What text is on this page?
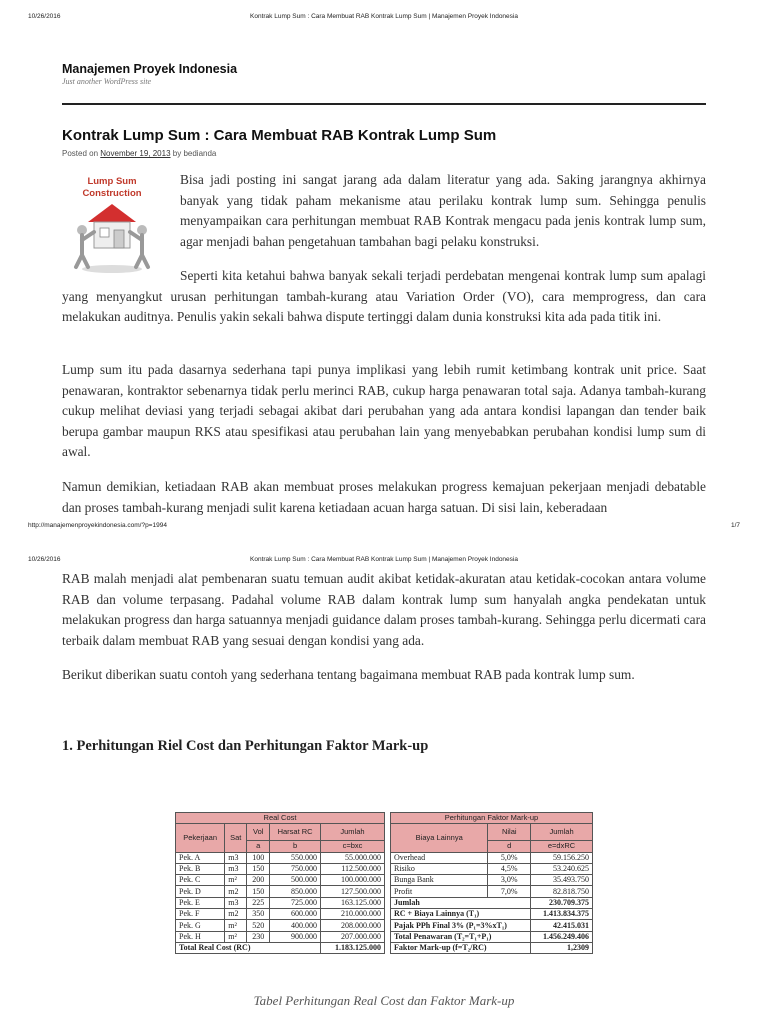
10/26/2016	Kontrak Lump Sum : Cara Membuat RAB Kontrak Lump Sum | Manajemen Proyek Indonesia
Manajemen Proyek Indonesia
Just another WordPress site
Kontrak Lump Sum : Cara Membuat RAB Kontrak Lump Sum
Posted on November 19, 2013 by bedianda
Lump Sum
Construction

Bisa jadi posting ini sangat jarang ada dalam literatur yang ada. Saking jarangnya akhirnya banyak yang tidak paham mekanisme atau perilaku kontrak lump sum. Sehingga penulis menyampaikan cara perhitungan membuat RAB Kontrak mengacu pada jenis kontrak lump sum, agar menjadi bahan pengetahuan tambahan bagi pelaku konstruksi.

Seperti kita ketahui bahwa banyak sekali terjadi perdebatan mengenai kontrak lump sum apalagi yang menyangkut urusan perhitungan tambah-kurang atau Variation Order (VO), cara memprogress, dan cara melakukan auditnya. Penulis yakin sekali bahwa dispute tertinggi dalam dunia konstruksi kita ada pada titik ini.

Lump sum itu pada dasarnya sederhana tapi punya implikasi yang lebih rumit ketimbang kontrak unit price. Saat penawaran, kontraktor sebenarnya tidak perlu merinci RAB, cukup harga penawaran total saja. Adanya tambah-kurang cukup melihat deviasi yang terjadi sebagai akibat dari perubahan yang ada antara kondisi lapangan dan tender baik berupa gambar maupun RKS atau spesifikasi atau perubahan lain yang menyebabkan perubahan kondisi lump sum di awal.

Namun demikian, ketiadaan RAB akan membuat proses melakukan progress kemajuan pekerjaan menjadi debatable dan proses tambah-kurang menjadi sulit karena ketiadaan acuan harga satuan. Di sisi lain, keberadaan

http://manajemenproyekindonesia.com/?p=1994	1/7
10/26/2016	Kontrak Lump Sum : Cara Membuat RAB Kontrak Lump Sum | Manajemen Proyek Indonesia

RAB malah menjadi alat pembenaran suatu temuan audit akibat ketidak-akuratan atau ketidak-cocokan antara volume RAB dan volume terpasang. Padahal volume RAB dalam kontrak lump sum hanyalah angka pendekatan untuk melakukan progress dan harga satuannya menjadi guidance dalam proses tambah-kurang. Sehingga perlu dicermati cara terbaik dalam membuat RAB yang sesuai dengan kondisi yang ada.

Berikut diberikan suatu contoh yang sederhana tentang bagaimana membuat RAB pada kontrak lump sum.

1. Perhitungan Riel Cost dan Perhitungan Faktor Mark-up
Real Cost				
Pekerjaan	Sat	Vol	Harsat RC	Jumlah
		a	b	c=bxc
Pek. A	m3	100	550.000	55.000.000
Pek. B	m3	150	750.000	112.500.000
Pek. C	m²	200	500.000	100.000.000
Pek. D	m2	150	850.000	127.500.000
Pek. E	m3	225	725.000	163.125.000
Pek. F	m2	350	600.000	210.000.000
Pek. G	m²	520	400.000	208.000.000
Pek. H	m²	230	900.000	207.000.000
Total Real Cost (RC)				1.183.125.000
Perhitungan Faktor Mark-up		
Biaya Lainnya	Nilai	Jumlah
	d	e=dxRC
Overhead	5,0%	59.156.250
Risiko	4,5%	53.240.625
Bunga Bank	3,0%	35.493.750
Profit	7,0%	82.818.750
Jumlah		230.709.375
RC + Biaya Lainnya (T₁)		1.413.834.375
Pajak PPh Final 3% (P₁=3%xT₁)		42.415.031
Total Penawaran (T₂=T₁+P₁)		1.456.249.406
Faktor Mark-up (f=T₂/RC)		1,2309
Tabel Perhitungan Real Cost dan Faktor Mark-up
